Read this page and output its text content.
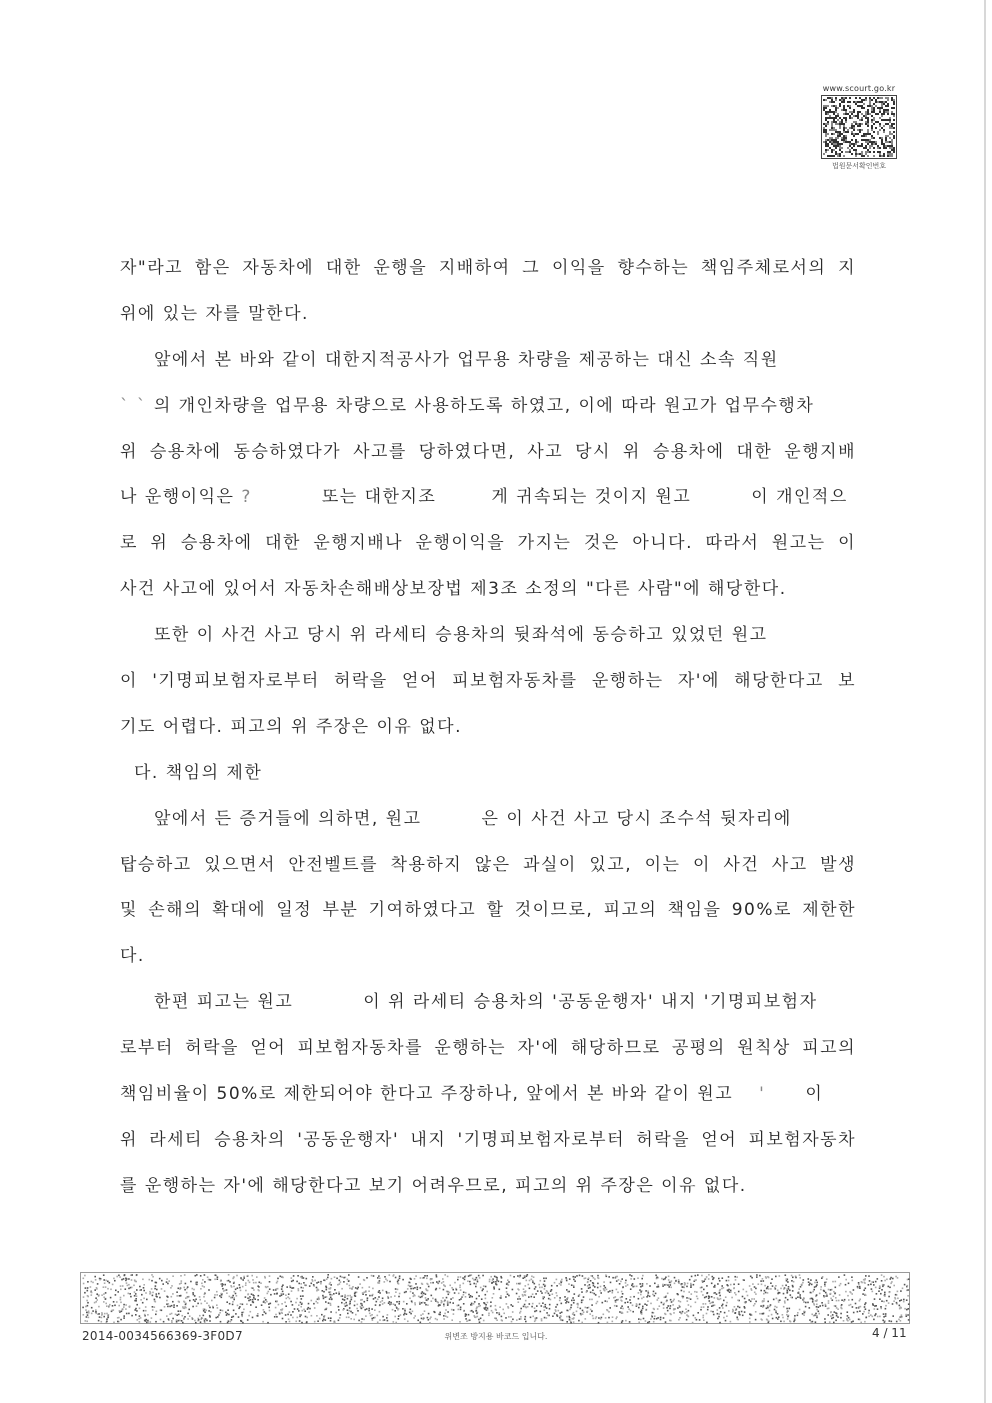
www.scourt.go.kr
법원문서확인번호
자"라고 함은 자동차에 대한 운행을 지배하여 그 이익을 향수하는 책임주체로서의 지
위에 있는 자를 말한다.
앞에서 본 바와 같이 대한지적공사가 업무용 차량을 제공하는 대신 소속 직원
` ` 의 개인차량을 업무용 차량으로 사용하도록 하였고, 이에 따라 원고가 업무수행차
위 승용차에 동승하였다가 사고를 당하였다면, 사고 당시 위 승용차에 대한 운행지배
나 운행이익은 ?	또는 대한지조	게 귀속되는 것이지 원고	이 개인적으
로 위 승용차에 대한 운행지배나 운행이익을 가지는 것은 아니다. 따라서 원고는 이
사건 사고에 있어서 자동차손해배상보장법 제3조 소정의 "다른 사람"에 해당한다.
또한 이 사건 사고 당시 위 라세티 승용차의 뒷좌석에 동승하고 있었던 원고
이 '기명피보험자로부터 허락을 얻어 피보험자동차를 운행하는 자'에 해당한다고 보
기도 어렵다. 피고의 위 주장은 이유 없다.
다. 책임의 제한
앞에서 든 증거들에 의하면, 원고	은 이 사건 사고 당시 조수석 뒷자리에
탑승하고 있으면서 안전벨트를 착용하지 않은 과실이 있고, 이는 이 사건 사고 발생
및 손해의 확대에 일정 부분 기여하였다고 할 것이므로, 피고의 책임을 90%로 제한한
다.
한편 피고는 원고	이 위 라세티 승용차의 '공동운행자' 내지 '기명피보험자
로부터 허락을 얻어 피보험자동차를 운행하는 자'에 해당하므로 공평의 원칙상 피고의
책임비율이 50%로 제한되어야 한다고 주장하나, 앞에서 본 바와 같이 원고 ' 이
위 라세티 승용차의 '공동운행자' 내지 '기명피보험자로부터 허락을 얻어 피보험자동차
를 운행하는 자'에 해당한다고 보기 어려우므로, 피고의 위 주장은 이유 없다.
2014-0034566369-3F0D7	위변조 방지용 바코드 입니다.	4 / 11
